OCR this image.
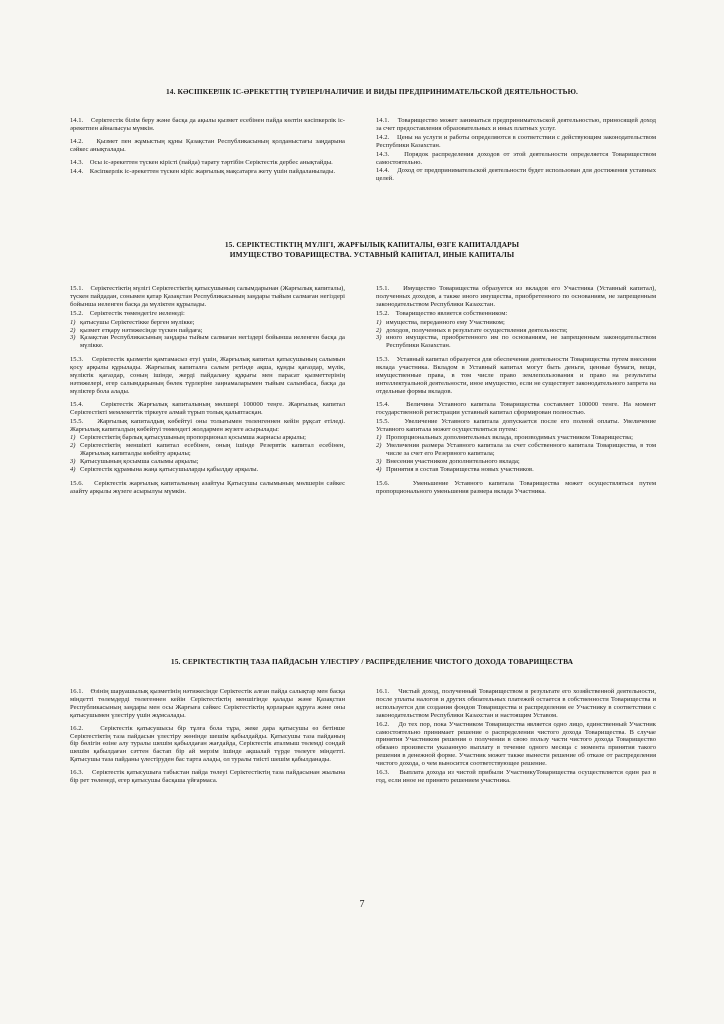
14. КӘСІПКЕРЛІК ІС-ӘРЕКЕТТІҢ ТҮРЛЕРІ/НАЛИЧИЕ И ВИДЫ ПРЕДПРИНИМАТЕЛЬСКОЙ ДЕЯТЕЛЬНОСТЬЮ.

14.1.    Серіктестік білім беру және басқа да ақылы қызмет есебінен пайда көлтін кәсіпкерлік іс- әрекетпен айналысуы мүмкін.

14.2.    Қызмет пен жұмыстың құны Қазақстан Республикасының қолданыстағы заңдарына сәйкес анықталады.

14.3.    Осы іс-әрекеттен түскен кірісті (пайда) тарату тәртібін Серіктестік дербес анықтайды.

14.4.    Кәсіпкерлік іс-әрекеттен түскен кіріс жарғылық мақсатарға жету үшін пайдаланылады.

14.1.    Товарищество может заниматься предпринимательской деятельностью, приносящей доход за счет предоставления образовательных и иных платных услуг.

14.2.    Цены на услуги и работы определяются в соответствии с действующим законодательством Республики Казахстан.

14.3.    Порядок распределения доходов от этой деятельности определяется Товариществом самостоятельно.

14.4.    Доход от предпринимательской деятельности будет использован для достижения уставных целей.

15. СЕРІКТЕСТІКТІҢ МҮЛІГІ, ЖАРҒЫЛЫҚ КАПИТАЛЫ, ӨЗГЕ КАПИТАЛДАРЫ
ИМУЩЕСТВО ТОВАРИЩЕСТВА. УСТАВНЫЙ КАПИТАЛ, ИНЫЕ КАПИТАЛЫ

15.1.    Серіктестіктің мүлігі Серіктестіктің қатысушының салымдарынан (Жарғылық капиталы), түскен пайдадан, сонымен қатар Қазақстан Республикасының заңдары тыйым салмаған негіздері бойынша иеленген басқа да мүліктен құрылады.

15.2.    Серіктестік төмендегіге иеленеді:

1) қатысушы Серіктестікке берген мүлікке;

2) қызмет етқару нәтижесінде түскен пайдаға;

3) Қазақстан Республикасының заңдары тыйым салмаған негіздері бойынша иеленген басқа да мүлікке.

15.3.    Серіктестік қызметін қамтамасыз етуі үшін, Жарғылық капитал қатысушының салымын қосу арқылы құрылады. Жарғылық капиталға салым ретінде ақша, құнды қағаздар, мүлік, мүліктік қағаздар, соның ішінде, жерді пайдалану құқығы мен парасат қызметтерінің нәтижелері, егер салымдарының бөлек түрлеріне заңнамаларымен тыйым салынбаса, басқа да мүліктер бола алады.

15.4.    Серіктестік Жарғылық капиталының мөлшері 100000 теңге. Жарғылық капитал Серіктестікті мемлекеттік тіркеуге алмай түрып толық қалыптасқан.

15.5.    Жарғылық капиталдың көбейтуі оны толығымен төленгеннен кейін рұқсат етіледі. Жарғылық капиталдың көбейтуі төмендегі жолдармен жүзеге асырылады:

1) Серіктестіктің барлық қатысушының пропорционал қосымша жарнасы арқылы;

2) Серіктестіктің меншікті капитал есебінен, оның ішінде Резервтік капитал есебінен, Жарғылық капиталды көбейту арқылы;

3) Қатысушының қосымша салымы арқылы;

4) Серіктестік құрамына жаңа қатысушыларды қабылдау арқылы.

15.6.    Серіктестік жарғылық капиталының азайтуы Қатысушы салымының мөлшерін сәйкес азайту арқылы жүзеге асырылуы мүмкін.

15.1.    Имущество Товарищества образуется из вкладов его Участника (Уставный капитал), полученных доходов, а также иного имущества, приобретенного по основаниям, не запрещенным законодательством Республики Казахстан.

15.2.    Товарищество является собственником:

1) имущества, переданного ему Участником;

2) доходов, полученных в результате осуществления деятельности;

3) иного имущества, приобретенного им по основаниям, не запрещенным законодательством Республики Казахстан.

15.3.    Уставный капитал образуется для обеспечения деятельности Товарищества путем внесения вклада участника. Вкладом в Уставный капитал могут быть деньги, ценные бумаги, вещи, имущественные права, в том числе право землепользования и право на результаты интеллектуальной деятельности, иное имущество, если не существует законодательного запрета на отдельные формы вкладов.

15.4.    Величина Уставного капитала Товарищества составляет 100000 тенге. На момент государственной регистрации уставный капитал сформирован полностью.

15.5.    Увеличение Уставного капитала допускается после его полной оплаты. Увеличение Уставного капитала может осуществляться путем:

1) Пропорциональных дополнительных вклада, производимых участником Товарищества;

2) Увеличения размера Уставного капитала за счет собственного капитала Товарищества, в том числе за счет его Резервного капитала;

3) Внесения участником дополнительного вклада;

4) Принятия в состав Товарищества новых участников.

15.6.    Уменьшение Уставного капитала Товарищества может осуществляться путем пропорционального уменьшения размера вклада Участника.

15. СЕРІКТЕСТІКТІҢ ТАЗА ПАЙДАСЫН ҮЛЕСТІРУ / РАСПРЕДЕЛЕНИЕ ЧИСТОГО ДОХОДА ТОВАРИЩЕСТВА

16.1.    Өзінің шаруашылық қызметінің нәтижесінде Серіктестік алған пайда салықтар мен басқа міндетті төлемдерді төлегеннен кейін Серіктестіктің меншігінде қалады және Қазақстан Республикасының заңдары мен осы Жарғыға сәйкес Серіктестіктің қорларын құруға және оны қатысушымен үлестіру үшін жұмсалады.

16.2.    Серіктестік қатысушысы бір тұлға бола тұра, жеке дара қатысушы өз бетінше Серіктестіктің таза пайдасын үлестіру жөнінде шешім қабылдайды. Қатысушы таза пайданың бір бөлігін өзіне алу туралы шешім қабылдаған жағдайда, Серіктестік аталмыш төлемді сондай шешім қабылдаған сәттен бастап бір ай мерзім ішінде ақшалай түрде төлеуге міндетті. Қатысушы таза пайданы үлестіруден бас тарта алады, ол туралы тиісті шешім қабылданады.

16.3.    Серіктестік қатысушыға табыстан пайда төлеуі Серіктестіктің таза пайдасынан жылына бір рет төленеді, егер қатысушы басқаша үйғармаса.

16.1.    Чистый доход, полученный Товариществом в результате его хозяйственной деятельности, после уплаты налогов и других обязательных платежей остается в собственности Товарищества и используется для создания фондов Товарищества и распределения ее Участнику в соответствии с законодательством Республики Казахстан и настоящим Уставом.

16.2.    До тех пор, пока Участником Товарищества является одно лицо, единственный Участник самостоятельно принимает решение о распределении чистого дохода Товарищества. В случае принятия Участником решения о получении в свою пользу части чистого дохода Товарищество обязано произвести указанную выплату в течение одного месяца с момента принятия такого решения в денежной форме. Участник может также вынести решение об отказе от распределения чистого дохода, о чем выносится соответствующее решение.

16.3.    Выплата дохода из чистой прибыли УчастникуТоварищества осуществляется один раз в год, если иное не принято решением участника.

7
